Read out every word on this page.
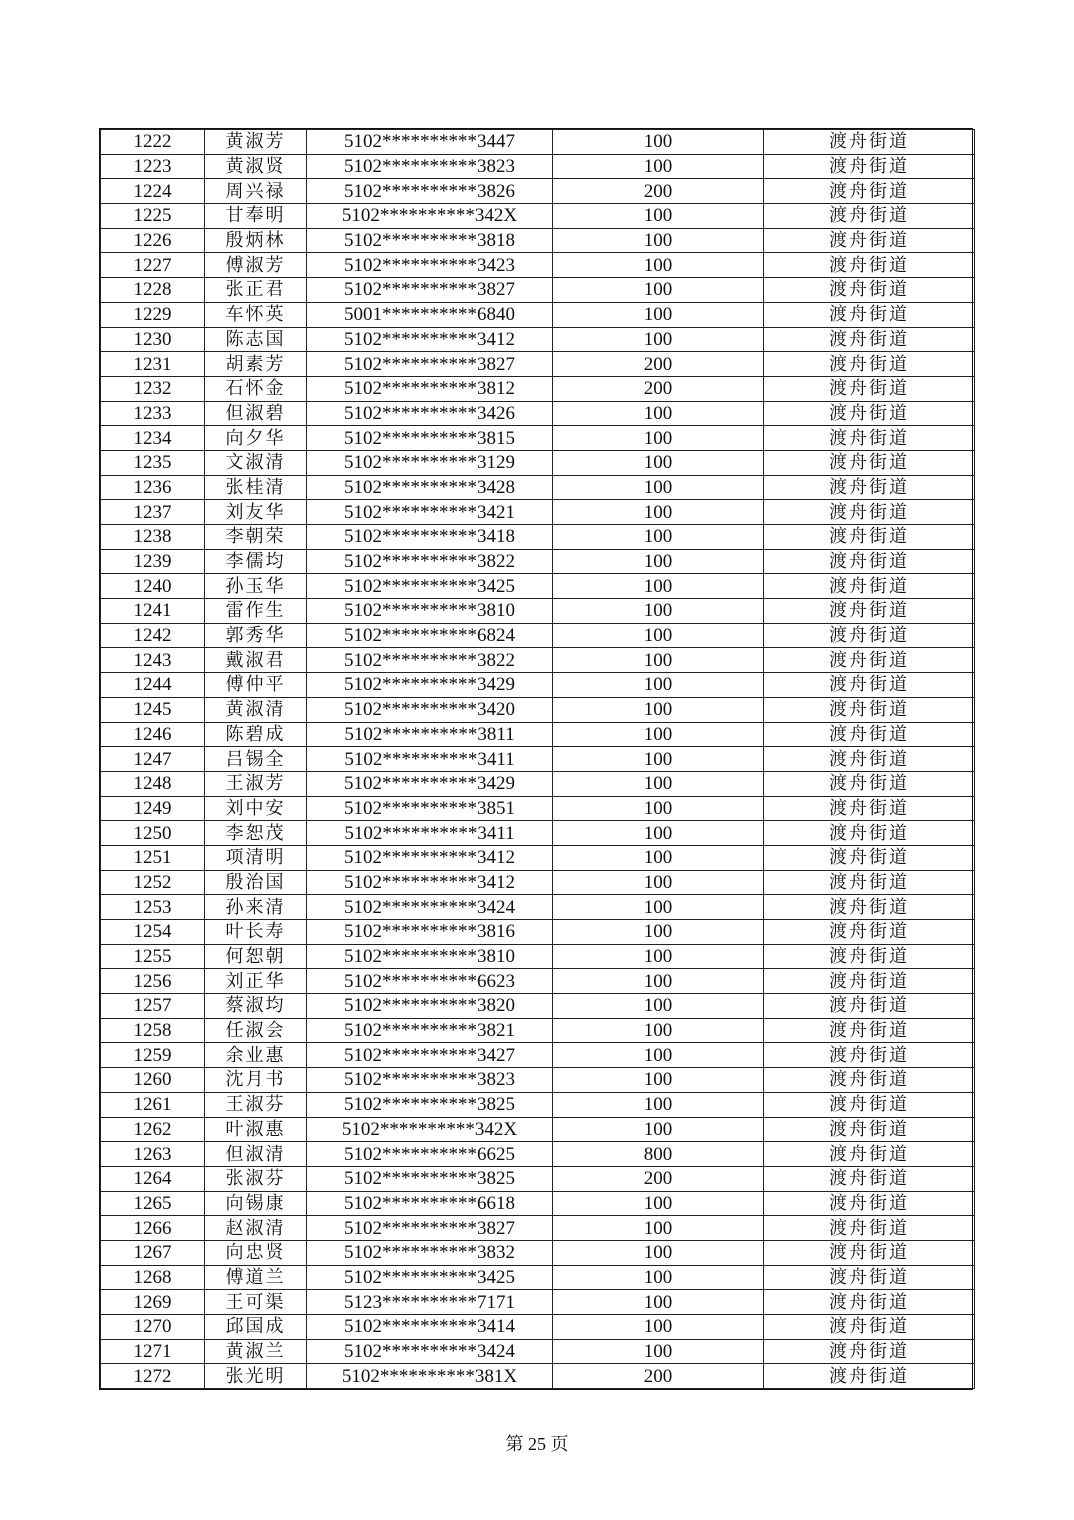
1222	黄淑芳	5102**********3447	100	渡舟街道
1223	黄淑贤	5102**********3823	100	渡舟街道
1224	周兴禄	5102**********3826	200	渡舟街道
1225	甘奉明	5102**********342X	100	渡舟街道
1226	殷炳林	5102**********3818	100	渡舟街道
1227	傅淑芳	5102**********3423	100	渡舟街道
1228	张正君	5102**********3827	100	渡舟街道
1229	车怀英	5001**********6840	100	渡舟街道
1230	陈志国	5102**********3412	100	渡舟街道
1231	胡素芳	5102**********3827	200	渡舟街道
1232	石怀金	5102**********3812	200	渡舟街道
1233	但淑碧	5102**********3426	100	渡舟街道
1234	向夕华	5102**********3815	100	渡舟街道
1235	文淑清	5102**********3129	100	渡舟街道
1236	张桂清	5102**********3428	100	渡舟街道
1237	刘友华	5102**********3421	100	渡舟街道
1238	李朝荣	5102**********3418	100	渡舟街道
1239	李儒均	5102**********3822	100	渡舟街道
1240	孙玉华	5102**********3425	100	渡舟街道
1241	雷作生	5102**********3810	100	渡舟街道
1242	郭秀华	5102**********6824	100	渡舟街道
1243	戴淑君	5102**********3822	100	渡舟街道
1244	傅仲平	5102**********3429	100	渡舟街道
1245	黄淑清	5102**********3420	100	渡舟街道
1246	陈碧成	5102**********3811	100	渡舟街道
1247	吕锡全	5102**********3411	100	渡舟街道
1248	王淑芳	5102**********3429	100	渡舟街道
1249	刘中安	5102**********3851	100	渡舟街道
1250	李恕茂	5102**********3411	100	渡舟街道
1251	项清明	5102**********3412	100	渡舟街道
1252	殷治国	5102**********3412	100	渡舟街道
1253	孙来清	5102**********3424	100	渡舟街道
1254	叶长寿	5102**********3816	100	渡舟街道
1255	何恕朝	5102**********3810	100	渡舟街道
1256	刘正华	5102**********6623	100	渡舟街道
1257	蔡淑均	5102**********3820	100	渡舟街道
1258	任淑会	5102**********3821	100	渡舟街道
1259	余业惠	5102**********3427	100	渡舟街道
1260	沈月书	5102**********3823	100	渡舟街道
1261	王淑芬	5102**********3825	100	渡舟街道
1262	叶淑惠	5102**********342X	100	渡舟街道
1263	但淑清	5102**********6625	800	渡舟街道
1264	张淑芬	5102**********3825	200	渡舟街道
1265	向锡康	5102**********6618	100	渡舟街道
1266	赵淑清	5102**********3827	100	渡舟街道
1267	向忠贤	5102**********3832	100	渡舟街道
1268	傅道兰	5102**********3425	100	渡舟街道
1269	王可渠	5123**********7171	100	渡舟街道
1270	邱国成	5102**********3414	100	渡舟街道
1271	黄淑兰	5102**********3424	100	渡舟街道
1272	张光明	5102**********381X	200	渡舟街道
第 25 页
